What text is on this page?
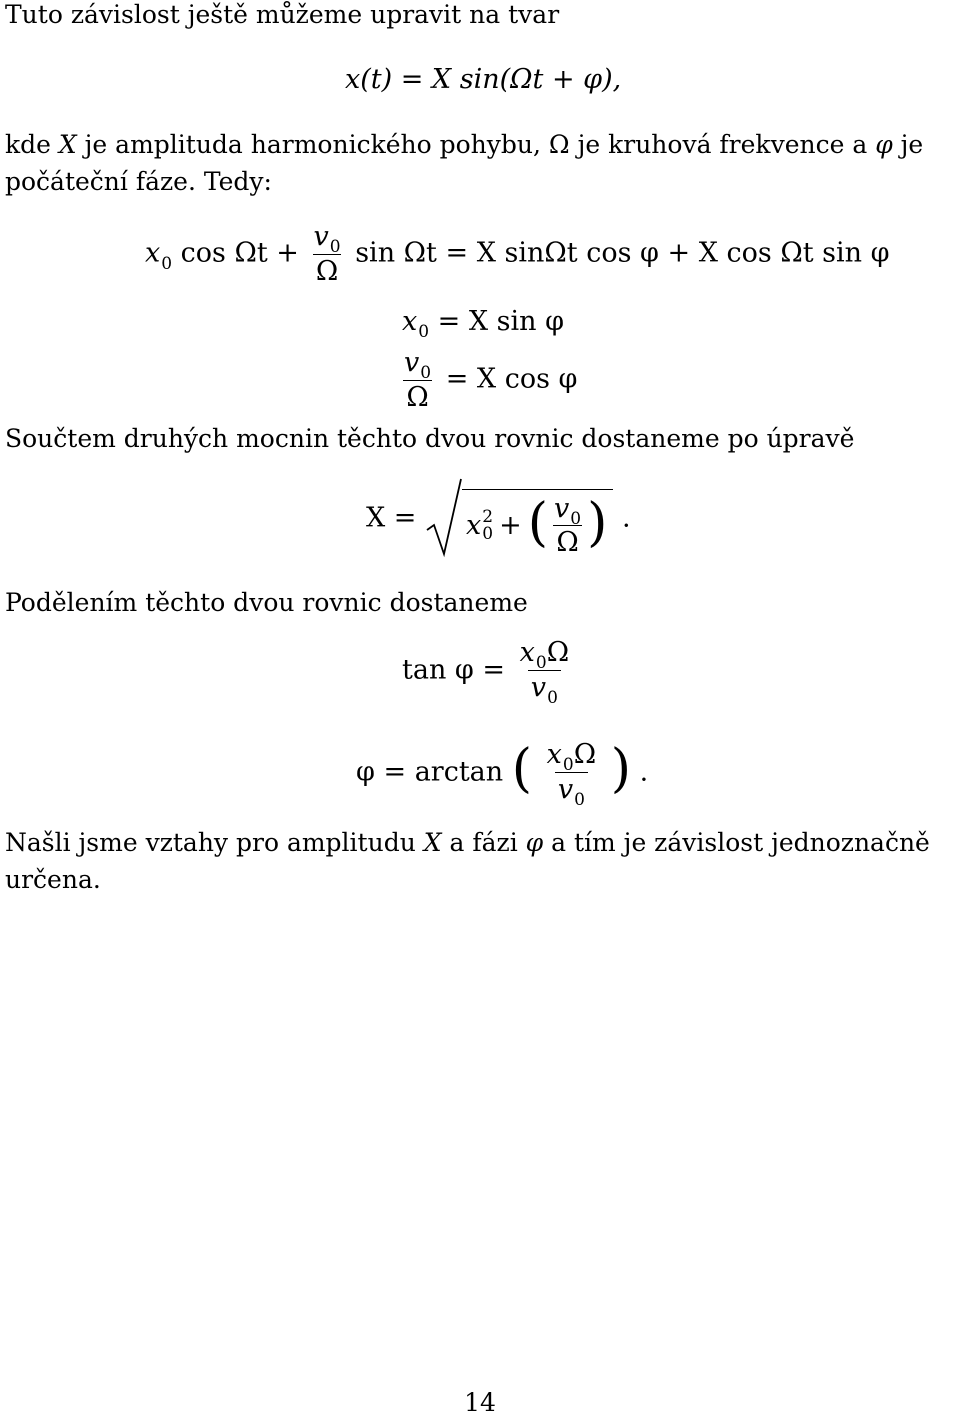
Tuto závislost ještě můžeme upravit na tvar
x(t) = X sin(Ωt + φ),
kde X je amplituda harmonického pohybu, Ω je kruhová frekvence a φ je
počáteční fáze. Tedy:
$x_0$ $\cos \Omega t + \frac{v_0}{\Omega}$ sin Ωt = X sinΩt cos φ + X cos Ωt sin φ
$x_0 = X$ sin φ
$\frac{v_0}{\Omega} = X$ cos φ
Součtem druhých mocnin těchto dvou rovnic dostaneme po úpravě
X = x 2
0 + ( $\frac{v_0}{\Omega}$ ) .
Podělením těchto dvou rovnic dostaneme
$\tan \varphi = \frac{x_0\Omega}{v_0}$
φ = arctan ( $\frac{x_0\Omega}{v_0}$ ) .
Našli jsme vztahy pro amplitudu X a fázi φ a tím je závislost jednoznačně
určena.
14
